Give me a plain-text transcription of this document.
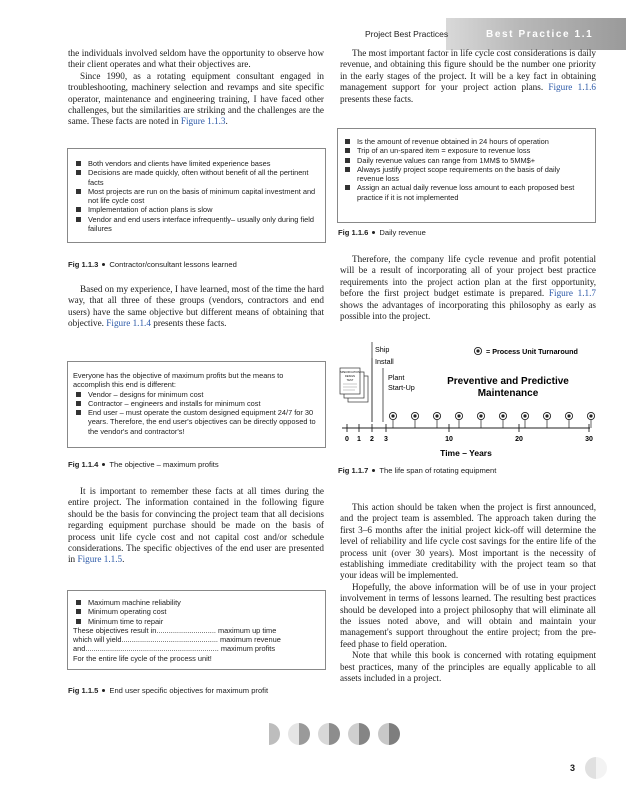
Project Best Practices	Best Practice 1.1

the individuals involved seldom have the opportunity to observe how their client operates and what their objectives are.

Since 1990, as a rotating equipment consultant engaged in troubleshooting, machinery selection and revamps and site specific operator, maintenance and engineering training, I have faced other challenges, but the similarities are striking and the challenges are the same. These facts are noted in Figure 1.1.3.

Both vendors and clients have limited experience bases
Decisions are made quickly, often without benefit of all the pertinent facts
Most projects are run on the basis of minimum capital investment and not life cycle cost
Implementation of action plans is slow
Vendor and end users interface infrequently– usually only during field failures
Fig 1.1.3 Contractor/consultant lessons learned

Based on my experience, I have learned, most of the time the hard way, that all three of these groups (vendors, contractors and end users) have the same objective but different means of obtaining that objective. Figure 1.1.4 presents these facts.

Everyone has the objective of maximum profits but the means to accomplish this end is different:
Vendor – designs for minimum cost
Contractor – engineers and installs for minimum cost
End user – must operate the custom designed equipment 24/7 for 30 years. Therefore, the end user's objectives can be directly opposed to the vendor's and contractor's!
Fig 1.1.4 The objective – maximum profits

It is important to remember these facts at all times during the entire project. The information contained in the following figure should be the basis for convincing the project team that all decisions regarding equipment purchase should be made on the basis of process unit life cycle cost and not capital cost and/or schedule considerations. The specific objectives of the end user are presented in Figure 1.1.5.

Maximum machine reliability
Minimum operating cost
Minimum time to repair
These objectives result in............................. maximum up time
which will yield............................................... maximum revenue
and................................................................. maximum profits
For the entire life cycle of the process unit!
Fig 1.1.5 End user specific objectives for maximum profit

The most important factor in life cycle cost considerations is daily revenue, and obtaining this figure should be the number one priority in the early stages of the project. It will be a key fact in obtaining management support for your project action plans. Figure 1.1.6 presents these facts.

Is the amount of revenue obtained in 24 hours of operation
Trip of an un-spared item = exposure to revenue loss
Daily revenue values can range from 1MM$ to 5MM$+
Always justify project scope requirements on the basis of daily revenue loss
Assign an actual daily revenue loss amount to each proposed best practice if it is not implemented
Fig 1.1.6 Daily revenue

Therefore, the company life cycle revenue and profit potential will be a result of incorporating all of your project best practice requirements into the project action plan at the first opportunity, before the first project budget estimate is prepared. Figure 1.1.7 shows the advantages of incorporating this philosophy as early as possible into the project.

SPECIFICATION
DESIGN
TEST
Ship
Install
Plant
Start-Up
= Process Unit Turnaround
Preventive and Predictive
Maintenance
0 1 2 3	10	20	30
Time – Years
Fig 1.1.7 The life span of rotating equipment

This action should be taken when the project is first announced, and the project team is assembled. The approach taken during the first 3–6 months after the initial project kick-off will determine the level of reliability and life cycle cost savings for the entire life of the process unit (over 30 years). Most important is the necessity of establishing immediate creditability with the project team so that your ideas will be implemented.

Hopefully, the above information will be of use in your project involvement in terms of lessons learned. The resulting best practices should be developed into a project philosophy that will eliminate all the issues noted above, and will obtain and maintain your management's support throughout the entire project; from the pre-feed phase to field operation.

Note that while this book is concerned with rotating equipment best practices, many of the principles are equally applicable to all assets included in a project.

3
